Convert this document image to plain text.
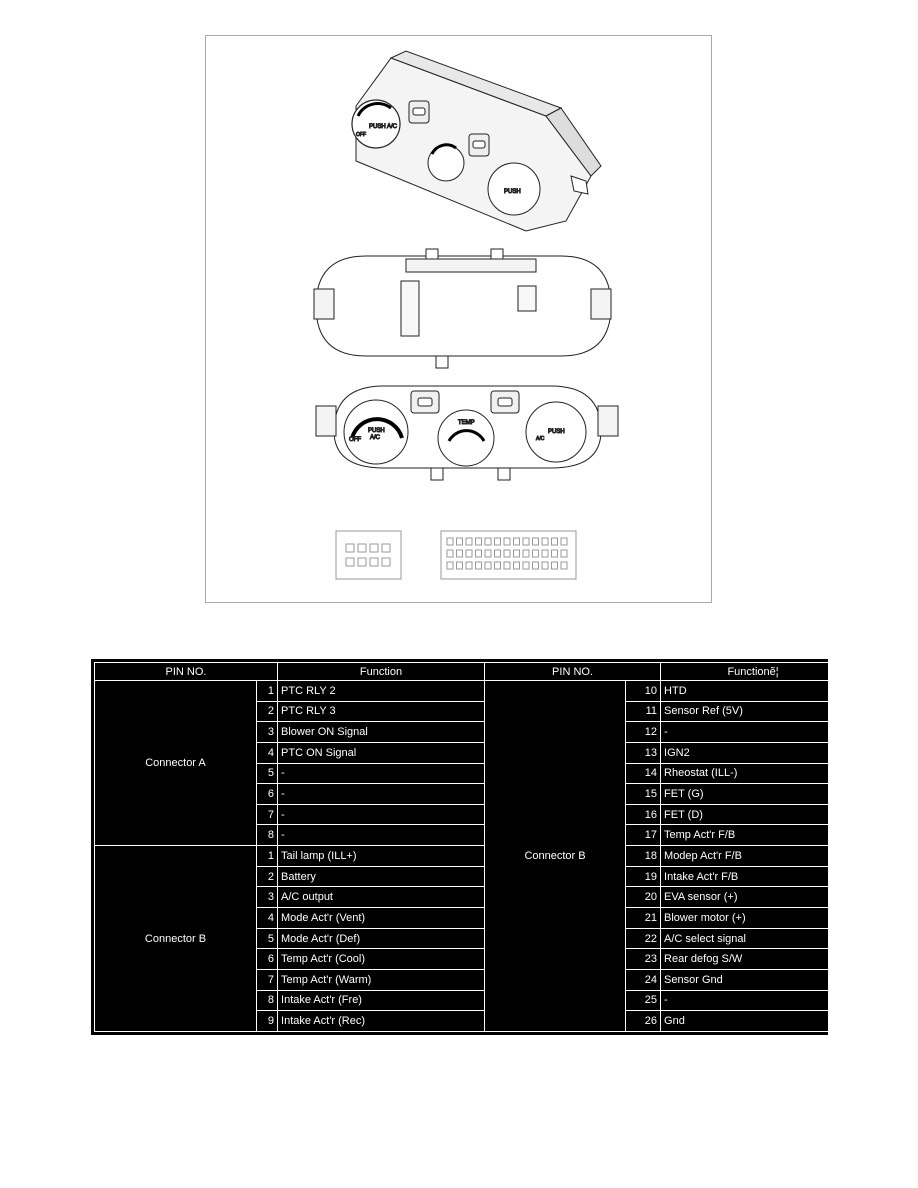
PUSH A/C
OFF
PUSH
PUSH
A/C
OFF
TEMP
PUSH
A/C
PIN NO.		Function	PIN NO.		Functionẽ¦
Connector A	1	PTC RLY 2	Connector B	10	HTD
	2	PTC RLY 3		11	Sensor Ref (5V)
	3	Blower ON Signal		12	-
	4	PTC ON Signal		13	IGN2
	5	-		14	Rheostat (ILL-)
	6	-		15	FET (G)
	7	-		16	FET (D)
	8	-		17	Temp Act'r F/B
Connector B	1	Tail lamp (ILL+)		18	Modep Act'r F/B
	2	Battery		19	Intake Act'r F/B
	3	A/C output		20	EVA sensor (+)
	4	Mode Act'r (Vent)		21	Blower motor (+)
	5	Mode Act'r (Def)		22	A/C select signal
	6	Temp Act'r (Cool)		23	Rear defog S/W
	7	Temp Act'r (Warm)		24	Sensor Gnd
	8	Intake Act'r (Fre)		25	-
	9	Intake Act'r (Rec)		26	Gnd
